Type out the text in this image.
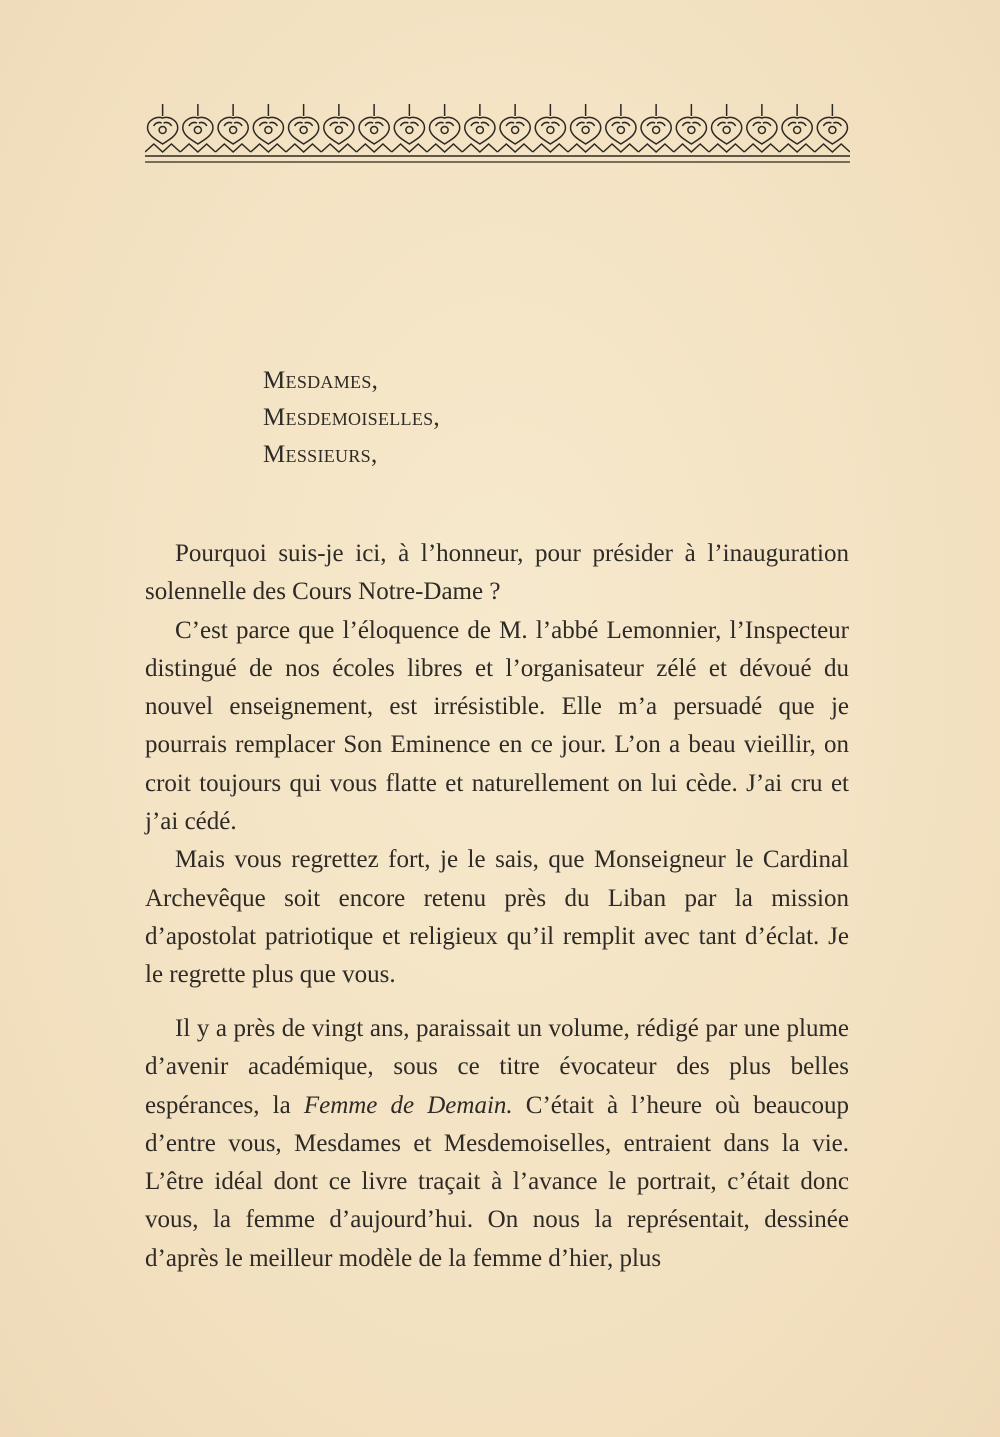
Mesdames,
Mesdemoiselles,
Messieurs,

Pourquoi suis-je ici, à l’honneur, pour présider à l’inauguration solennelle des Cours Notre-Dame ?

C’est parce que l’éloquence de M. l’abbé Lemonnier, l’Inspecteur distingué de nos écoles libres et l’organisateur zélé et dévoué du nouvel enseignement, est irrésistible. Elle m’a persuadé que je pourrais remplacer Son Eminence en ce jour. L’on a beau vieillir, on croit toujours qui vous flatte et naturellement on lui cède. J’ai cru et j’ai cédé.

Mais vous regrettez fort, je le sais, que Monseigneur le Cardinal Archevêque soit encore retenu près du Liban par la mission d’apostolat patriotique et religieux qu’il remplit avec tant d’éclat. Je le regrette plus que vous.

Il y a près de vingt ans, paraissait un volume, rédigé par une plume d’avenir académique, sous ce titre évocateur des plus belles espérances, la Femme de Demain. C’était à l’heure où beaucoup d’entre vous, Mesdames et Mesdemoiselles, entraient dans la vie. L’être idéal dont ce livre traçait à l’avance le portrait, c’était donc vous, la femme d’aujourd’hui. On nous la représentait, dessinée d’après le meilleur modèle de la femme d’hier, plus
